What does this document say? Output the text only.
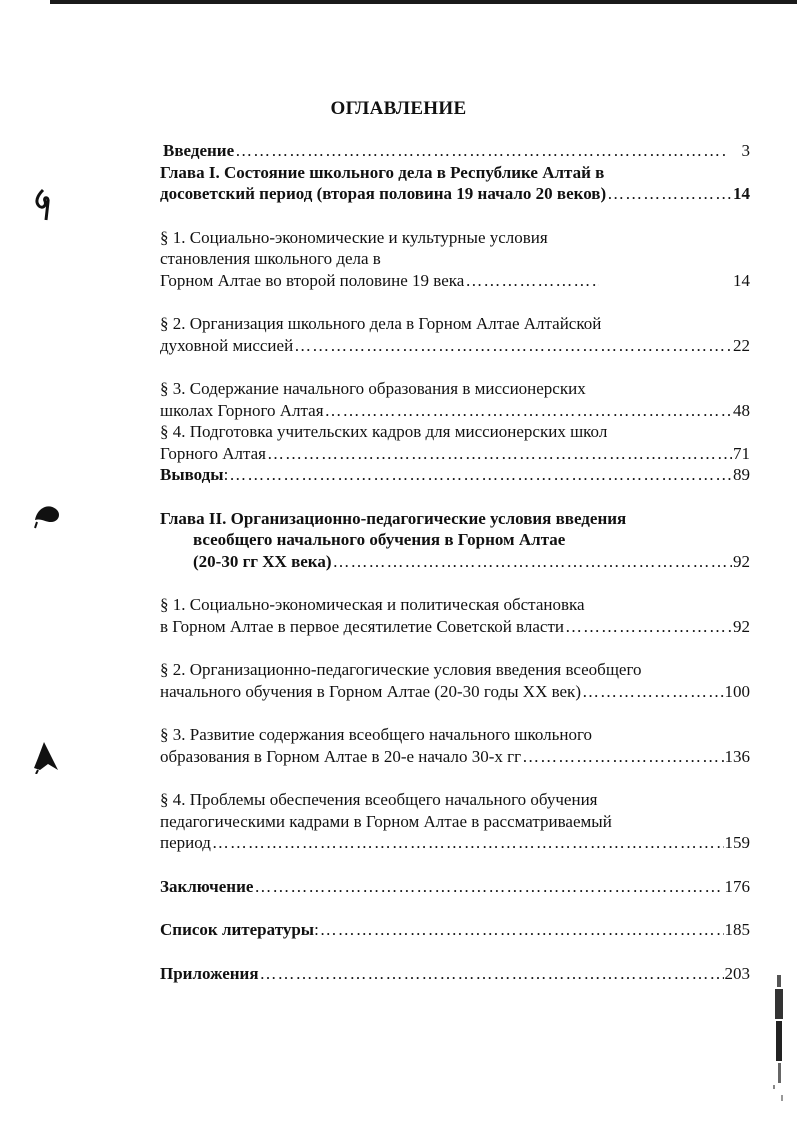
ОГЛАВЛЕНИЕ
Введение ………………………………………………………………………………………………………………………………………………………………	3
Глава I. Состояние школьного дела в Республике Алтай в
досоветский период (вторая половина 19 начало 20 веков) ………………………………………………………………………………………………………………………………………………………………	14
§ 1. Социально-экономические и культурные условия
становления школьного дела в
Горном Алтае во второй половине 19 века ………………………………………………………………………………………………………………………………………………………………	14
§ 2. Организация школьного дела в Горном Алтае Алтайской
духовной миссией ………………………………………………………………………………………………………………………………………………………………	22
§ 3. Содержание начального образования в миссионерских
школах Горного Алтая ………………………………………………………………………………………………………………………………………………………………	48
§ 4. Подготовка учительских кадров для миссионерских школ
Горного Алтая ………………………………………………………………………………………………………………………………………………………………	71
Выводы : ………………………………………………………………………………………………………………………………………………………………	89
Глава II. Организационно-педагогические условия введения
всеобщего начального обучения в Горном Алтае
(20-30 гг XX века) ………………………………………………………………………………………………………………………………………………………………	92
§ 1. Социально-экономическая и политическая обстановка
в Горном Алтае в первое десятилетие Советской власти ………………………………………………………………………………………………………………………………………………………………	92
§ 2. Организационно-педагогические условия введения всеобщего
начального обучения в Горном Алтае (20-30 годы XX век) ………………………………………………………………………………………………………………………………………………………………	100
§ 3. Развитие содержания всеобщего начального школьного
образования в Горном Алтае в 20-е начало 30-х гг ………………………………………………………………………………………………………………………………………………………………	136
§ 4. Проблемы обеспечения всеобщего начального обучения
педагогическими кадрами в Горном Алтае в рассматриваемый
период ………………………………………………………………………………………………………………………………………………………………	159
Заключение ………………………………………………………………………………………………………………………………………………………………	176
Список литературы : ………………………………………………………………………………………………………………………………………………………………	185
Приложения ………………………………………………………………………………………………………………………………………………………………	203
